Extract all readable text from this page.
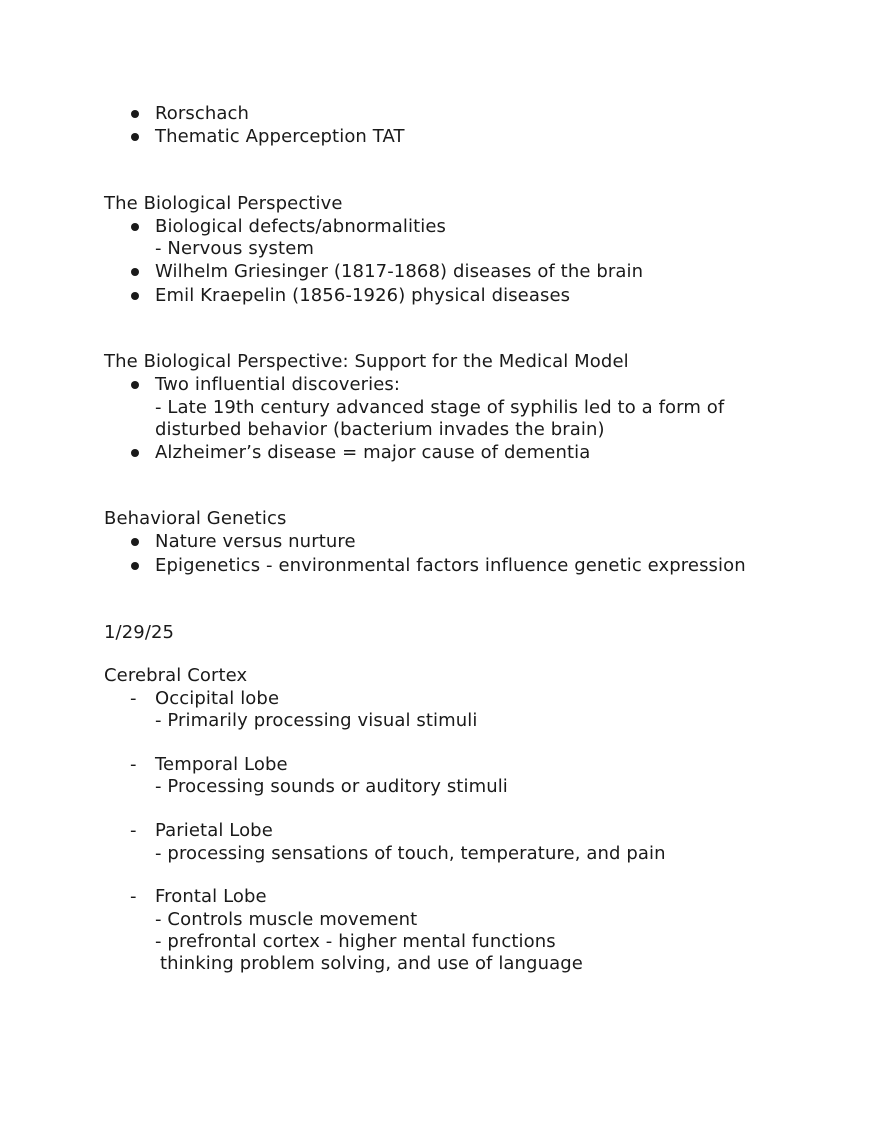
Rorschach
Thematic Apperception TAT
The Biological Perspective
Biological defects/abnormalities
- Nervous system
Wilhelm Griesinger (1817-1868) diseases of the brain
Emil Kraepelin (1856-1926) physical diseases
The Biological Perspective: Support for the Medical Model
Two influential discoveries:
- Late 19th century advanced stage of syphilis led to a form of
disturbed behavior (bacterium invades the brain)
Alzheimer’s disease = major cause of dementia
Behavioral Genetics
Nature versus nurture
Epigenetics - environmental factors influence genetic expression
1/29/25
Cerebral Cortex
- Occipital lobe
- Primarily processing visual stimuli
- Temporal Lobe
- Processing sounds or auditory stimuli
- Parietal Lobe
- processing sensations of touch, temperature, and pain
- Frontal Lobe
- Controls muscle movement
- prefrontal cortex - higher mental functions
thinking problem solving, and use of language
